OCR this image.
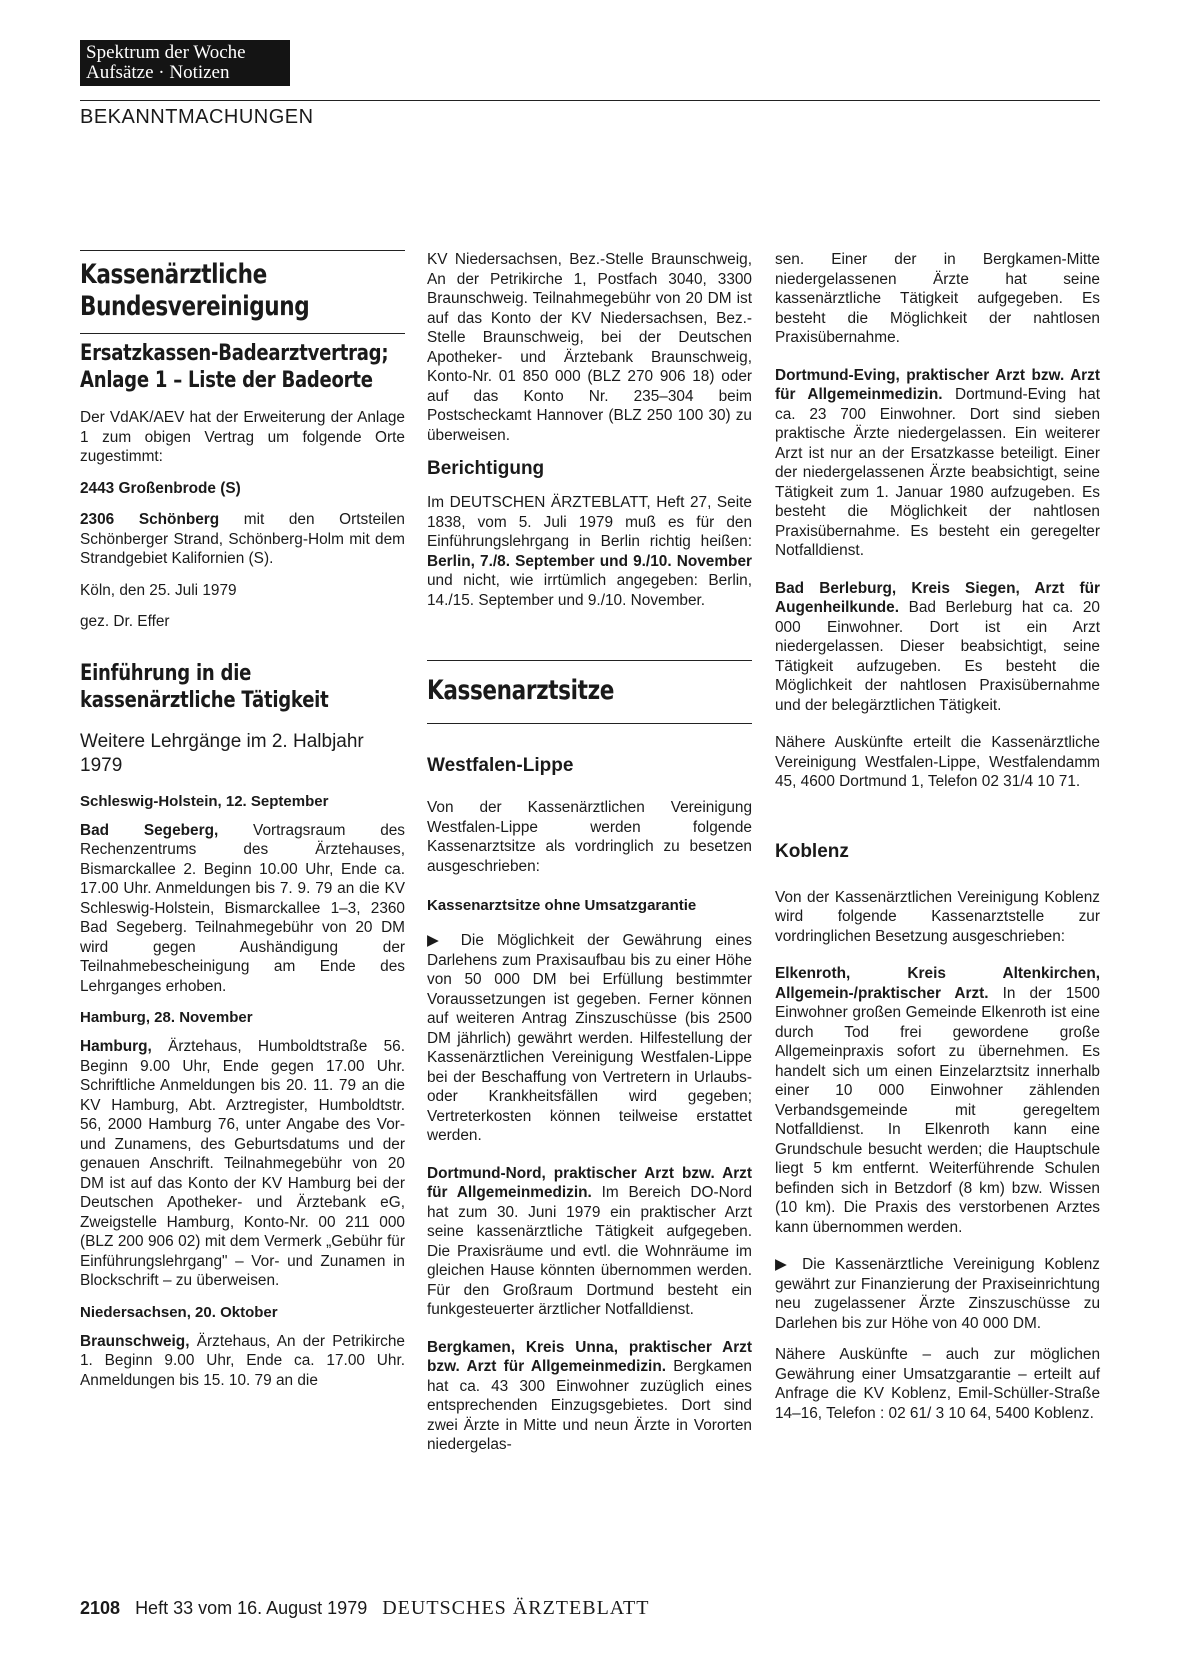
Spektrum der Woche
Aufsätze · Notizen
BEKANNTMACHUNGEN
Kassenärztliche Bundesvereinigung
Ersatzkassen-Badearztvertrag; Anlage 1 – Liste der Badeorte

Der VdAK/AEV hat der Erweiterung der Anlage 1 zum obigen Vertrag um folgende Orte zugestimmt:

2443 Großenbrode (S)

2306 Schönberg mit den Ortsteilen Schönberger Strand, Schönberg-Holm mit dem Strandgebiet Kalifornien (S).

Köln, den 25. Juli 1979

gez. Dr. Effer

Einführung in die kassenärztliche Tätigkeit
Weitere Lehrgänge im 2. Halbjahr 1979
Schleswig-Holstein, 12. September

Bad Segeberg, Vortragsraum des Rechenzentrums des Ärztehauses, Bismarckallee 2. Beginn 10.00 Uhr, Ende ca. 17.00 Uhr. Anmeldungen bis 7. 9. 79 an die KV Schleswig-Holstein, Bismarckallee 1–3, 2360 Bad Segeberg. Teilnahmegebühr von 20 DM wird gegen Aushändigung der Teilnahmebescheinigung am Ende des Lehrganges erhoben.

Hamburg, 28. November

Hamburg, Ärztehaus, Humboldtstraße 56. Beginn 9.00 Uhr, Ende gegen 17.00 Uhr. Schriftliche Anmeldungen bis 20. 11. 79 an die KV Hamburg, Abt. Arztregister, Humboldtstr. 56, 2000 Hamburg 76, unter Angabe des Vor- und Zunamens, des Geburtsdatums und der genauen Anschrift. Teilnahmegebühr von 20 DM ist auf das Konto der KV Hamburg bei der Deutschen Apotheker- und Ärztebank eG, Zweigstelle Hamburg, Konto-Nr. 00 211 000 (BLZ 200 906 02) mit dem Vermerk „Gebühr für Einführungslehrgang" – Vor- und Zunamen in Blockschrift – zu überweisen.

Niedersachsen, 20. Oktober

Braunschweig, Ärztehaus, An der Petrikirche 1. Beginn 9.00 Uhr, Ende ca. 17.00 Uhr. Anmeldungen bis 15. 10. 79 an die

KV Niedersachsen, Bez.-Stelle Braunschweig, An der Petrikirche 1, Postfach 3040, 3300 Braunschweig. Teilnahmegebühr von 20 DM ist auf das Konto der KV Niedersachsen, Bez.-Stelle Braunschweig, bei der Deutschen Apotheker- und Ärztebank Braunschweig, Konto-Nr. 01 850 000 (BLZ 270 906 18) oder auf das Konto Nr. 235–304 beim Postscheckamt Hannover (BLZ 250 100 30) zu überweisen.

Berichtigung

Im DEUTSCHEN ÄRZTEBLATT, Heft 27, Seite 1838, vom 5. Juli 1979 muß es für den Einführungslehrgang in Berlin richtig heißen: Berlin, 7./8. September und 9./10. November und nicht, wie irrtümlich angegeben: Berlin, 14./15. September und 9./10. November.

Kassenarztsitze
Westfalen-Lippe

Von der Kassenärztlichen Vereinigung Westfalen-Lippe werden folgende Kassenarztsitze als vordringlich zu besetzen ausgeschrieben:

Kassenarztsitze ohne Umsatzgarantie

▶ Die Möglichkeit der Gewährung eines Darlehens zum Praxisaufbau bis zu einer Höhe von 50 000 DM bei Erfüllung bestimmter Voraussetzungen ist gegeben. Ferner können auf weiteren Antrag Zinszuschüsse (bis 2500 DM jährlich) gewährt werden. Hilfestellung der Kassenärztlichen Vereinigung Westfalen-Lippe bei der Beschaffung von Vertretern in Urlaubs- oder Krankheitsfällen wird gegeben; Vertreterkosten können teilweise erstattet werden.

Dortmund-Nord, praktischer Arzt bzw. Arzt für Allgemeinmedizin. Im Bereich DO-Nord hat zum 30. Juni 1979 ein praktischer Arzt seine kassenärztliche Tätigkeit aufgegeben. Die Praxisräume und evtl. die Wohnräume im gleichen Hause könnten übernommen werden. Für den Großraum Dortmund besteht ein funkgesteuerter ärztlicher Notfalldienst.

Bergkamen, Kreis Unna, praktischer Arzt bzw. Arzt für Allgemeinmedizin. Bergkamen hat ca. 43 300 Einwohner zuzüglich eines entsprechenden Einzugsgebietes. Dort sind zwei Ärzte in Mitte und neun Ärzte in Vororten niedergelas-

sen. Einer der in Bergkamen-Mitte niedergelassenen Ärzte hat seine kassenärztliche Tätigkeit aufgegeben. Es besteht die Möglichkeit der nahtlosen Praxisübernahme.

Dortmund-Eving, praktischer Arzt bzw. Arzt für Allgemeinmedizin. Dortmund-Eving hat ca. 23 700 Einwohner. Dort sind sieben praktische Ärzte niedergelassen. Ein weiterer Arzt ist nur an der Ersatzkasse beteiligt. Einer der niedergelassenen Ärzte beabsichtigt, seine Tätigkeit zum 1. Januar 1980 aufzugeben. Es besteht die Möglichkeit der nahtlosen Praxisübernahme. Es besteht ein geregelter Notfalldienst.

Bad Berleburg, Kreis Siegen, Arzt für Augenheilkunde. Bad Berleburg hat ca. 20 000 Einwohner. Dort ist ein Arzt niedergelassen. Dieser beabsichtigt, seine Tätigkeit aufzugeben. Es besteht die Möglichkeit der nahtlosen Praxisübernahme und der belegärztlichen Tätigkeit.

Nähere Auskünfte erteilt die Kassenärztliche Vereinigung Westfalen-Lippe, Westfalendamm 45, 4600 Dortmund 1, Telefon 02 31/4 10 71.

Koblenz

Von der Kassenärztlichen Vereinigung Koblenz wird folgende Kassenarztstelle zur vordringlichen Besetzung ausgeschrieben:

Elkenroth, Kreis Altenkirchen, Allgemein-/praktischer Arzt. In der 1500 Einwohner großen Gemeinde Elkenroth ist eine durch Tod frei gewordene große Allgemeinpraxis sofort zu übernehmen. Es handelt sich um einen Einzelarztsitz innerhalb einer 10 000 Einwohner zählenden Verbandsgemeinde mit geregeltem Notfalldienst. In Elkenroth kann eine Grundschule besucht werden; die Hauptschule liegt 5 km entfernt. Weiterführende Schulen befinden sich in Betzdorf (8 km) bzw. Wissen (10 km). Die Praxis des verstorbenen Arztes kann übernommen werden.

▶ Die Kassenärztliche Vereinigung Koblenz gewährt zur Finanzierung der Praxiseinrichtung neu zugelassener Ärzte Zinszuschüsse zu Darlehen bis zur Höhe von 40 000 DM.

Nähere Auskünfte – auch zur möglichen Gewährung einer Umsatzgarantie – erteilt auf Anfrage die KV Koblenz, Emil-Schüller-Straße 14–16, Telefon : 02 61/ 3 10 64, 5400 Koblenz.

2108 Heft 33 vom 16. August 1979 DEUTSCHES ÄRZTEBLATT
